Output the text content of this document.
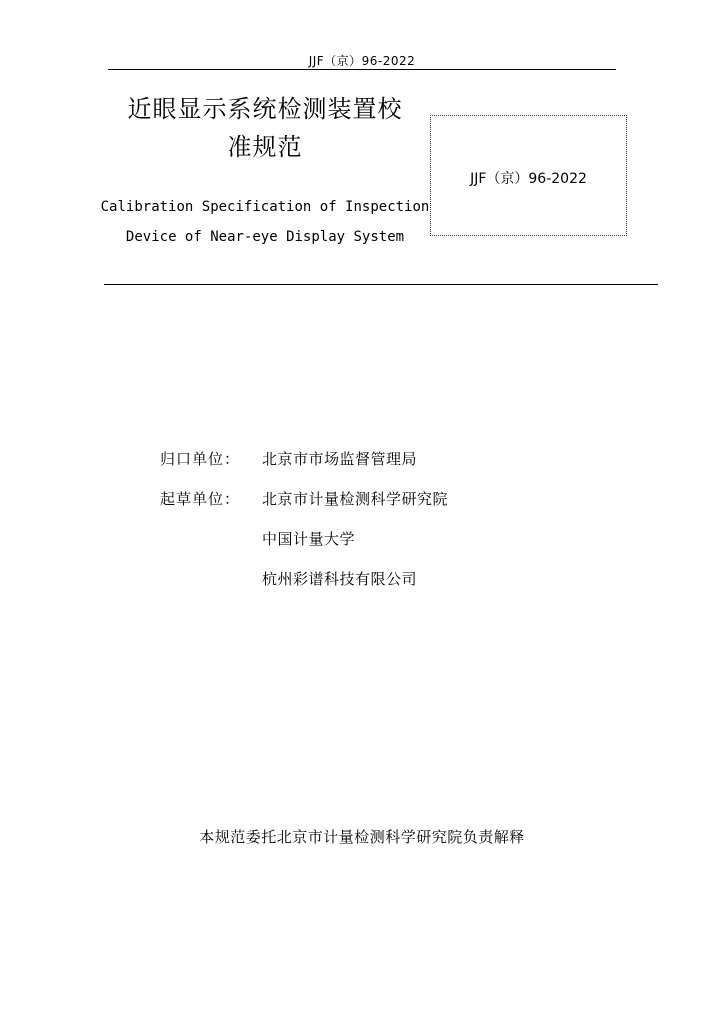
JJF（京）96-2022
近眼显示系统检测装置校
准规范
Calibration Specification of Inspection
Device of Near-eye Display System
JJF（京）96-2022
归口单位：	北京市市场监督管理局
起草单位：	北京市计量检测科学研究院
中国计量大学
杭州彩谱科技有限公司
本规范委托北京市计量检测科学研究院负责解释
